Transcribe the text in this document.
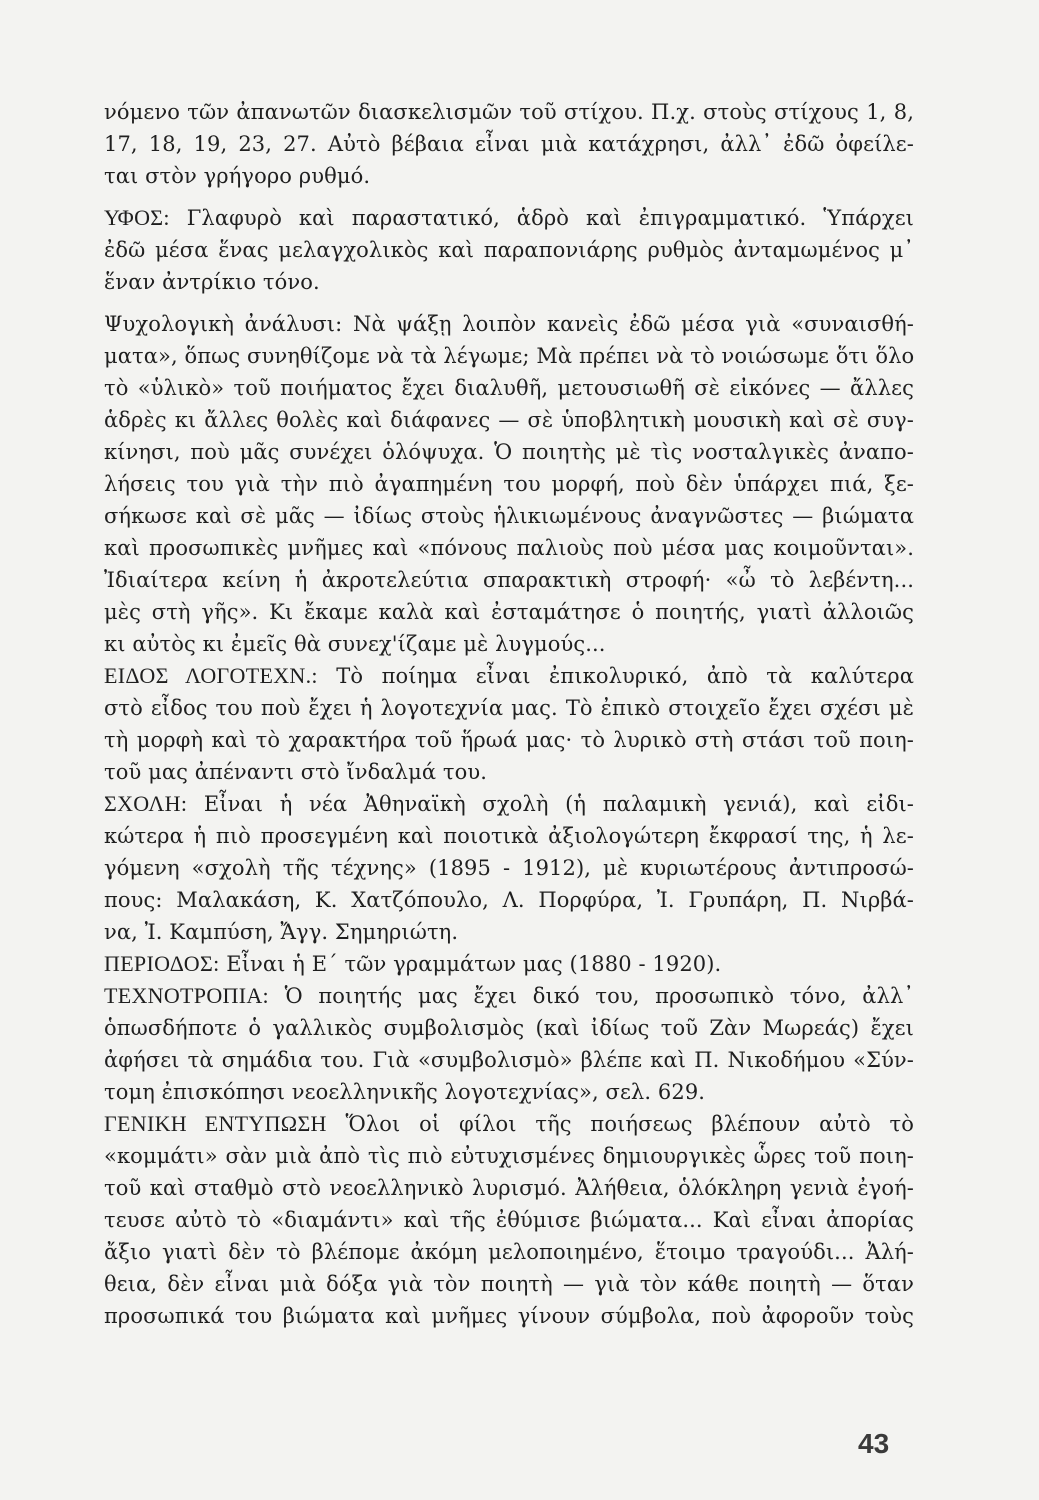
νόμενο τῶν ἀπανωτῶν διασκελισμῶν τοῦ στίχου. Π.χ. στοὺς στίχους 1, 8,
17, 18, 19, 23, 27. Αὐτὸ βέβαια εἶναι μιὰ κατάχρησι, ἀλλ᾽ ἐδῶ ὀφείλε-
ται στὸν γρήγορο ρυθμό.
ΥΦΟΣ: Γλαφυρὸ καὶ παραστατικό, ἁδρὸ καὶ ἐπιγραμματικό. Ὑπάρχει
ἐδῶ μέσα ἕνας μελαγχολικὸς καὶ παραπονιάρης ρυθμὸς ἀνταμωμένος μ᾽
ἕναν ἀντρίκιο τόνο.
Ψυχολογικὴ ἀνάλυσι: Νὰ ψάξῃ λοιπὸν κανεὶς ἐδῶ μέσα γιὰ «συναισθή-
ματα», ὅπως συνηθίζομε νὰ τὰ λέγωμε; Μὰ πρέπει νὰ τὸ νοιώσωμε ὅτι ὅλο
τὸ «ὑλικὸ» τοῦ ποιήματος ἔχει διαλυθῆ, μετουσιωθῆ σὲ εἰκόνες — ἄλλες
ἁδρὲς κι ἄλλες θολὲς καὶ διάφανες — σὲ ὑποβλητικὴ μουσικὴ καὶ σὲ συγ-
κίνησι, ποὺ μᾶς συνέχει ὁλόψυχα. Ὁ ποιητὴς μὲ τὶς νοσταλγικὲς ἀναπο-
λήσεις του γιὰ τὴν πιὸ ἀγαπημένη του μορφή, ποὺ δὲν ὑπάρχει πιά, ξε-
σήκωσε καὶ σὲ μᾶς — ἰδίως στοὺς ἡλικιωμένους ἀναγνῶστες — βιώματα
καὶ προσωπικὲς μνῆμες καὶ «πόνους παλιοὺς ποὺ μέσα μας κοιμοῦνται».
Ἰδιαίτερα κείνη ἡ ἀκροτελεύτια σπαρακτικὴ στροφή· «ὦ τὸ λεβέντη...
μὲς στὴ γῆς». Κι ἔκαμε καλὰ καὶ ἐσταμάτησε ὁ ποιητής, γιατὶ ἀλλοιῶς
κι αὐτὸς κι ἐμεῖς θὰ συνεχ'ίζαμε μὲ λυγμούς...
ΕΙΔΟΣ ΛΟΓΟΤΕΧΝ.: Τὸ ποίημα εἶναι ἐπικολυρικό, ἀπὸ τὰ καλύτερα
στὸ εἶδος του ποὺ ἔχει ἡ λογοτεχνία μας. Τὸ ἐπικὸ στοιχεῖο ἔχει σχέσι μὲ
τὴ μορφὴ καὶ τὸ χαρακτήρα τοῦ ἥρωά μας· τὸ λυρικὸ στὴ στάσι τοῦ ποιη-
τοῦ μας ἀπέναντι στὸ ἴνδαλμά του.
ΣΧΟΛΗ: Εἶναι ἡ νέα Ἀθηναϊκὴ σχολὴ (ἡ παλαμικὴ γενιά), καὶ εἰδι-
κώτερα ἡ πιὸ προσεγμένη καὶ ποιοτικὰ ἀξιολογώτερη ἔκφρασί της, ἡ λε-
γόμενη «σχολὴ τῆς τέχνης» (1895 - 1912), μὲ κυριωτέρους ἀντιπροσώ-
πους: Μαλακάση, Κ. Χατζόπουλο, Λ. Πορφύρα, Ἰ. Γρυπάρη, Π. Νιρβά-
να, Ἰ. Καμπύση, Ἄγγ. Σημηριώτη.
ΠΕΡΙΟΔΟΣ: Εἶναι ἡ Ε΄ τῶν γραμμάτων μας (1880 - 1920).
ΤΕΧΝΟΤΡΟΠΙΑ: Ὁ ποιητής μας ἔχει δικό του, προσωπικὸ τόνο, ἀλλ᾽
ὁπωσδήποτε ὁ γαλλικὸς συμβολισμὸς (καὶ ἰδίως τοῦ Ζὰν Μωρεάς) ἔχει
ἀφήσει τὰ σημάδια του. Γιὰ «συμβολισμὸ» βλέπε καὶ Π. Νικοδήμου «Σύν-
τομη ἐπισκόπησι νεοελληνικῆς λογοτεχνίας», σελ. 629.
ΓΕΝΙΚΗ ΕΝΤΥΠΩΣΗ Ὅλοι οἱ φίλοι τῆς ποιήσεως βλέπουν αὐτὸ τὸ
«κομμάτι» σὰν μιὰ ἀπὸ τὶς πιὸ εὐτυχισμένες δημιουργικὲς ὧρες τοῦ ποιη-
τοῦ καὶ σταθμὸ στὸ νεοελληνικὸ λυρισμό. Ἀλήθεια, ὁλόκληρη γενιὰ ἐγοή-
τευσε αὐτὸ τὸ «διαμάντι» καὶ τῆς ἐθύμισε βιώματα... Καὶ εἶναι ἀπορίας
ἄξιο γιατὶ δὲν τὸ βλέπομε ἀκόμη μελοποιημένο, ἕτοιμο τραγούδι... Ἀλή-
θεια, δὲν εἶναι μιὰ δόξα γιὰ τὸν ποιητὴ — γιὰ τὸν κάθε ποιητὴ — ὅταν
προσωπικά του βιώματα καὶ μνῆμες γίνουν σύμβολα, ποὺ ἀφοροῦν τοὺς
43
